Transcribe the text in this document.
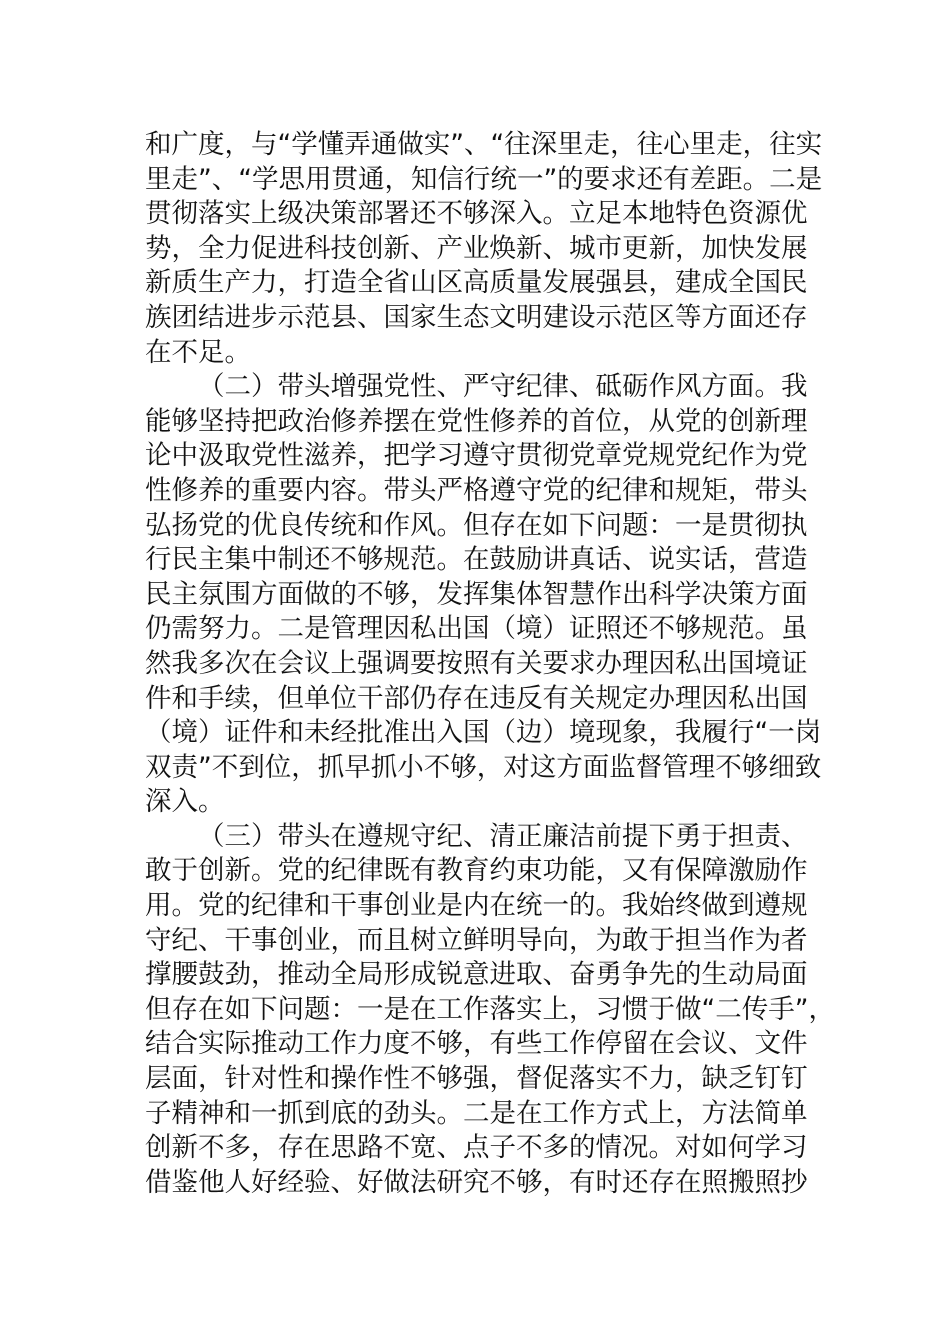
和广度，与“学懂弄通做实”、“往深里走，往心里走，往实
里走”、“学思用贯通，知信行统一”的要求还有差距。二是
贯彻落实上级决策部署还不够深入。立足本地特色资源优
势，全力促进科技创新、产业焕新、城市更新，加快发展
新质生产力，打造全省山区高质量发展强县，建成全国民
族团结进步示范县、国家生态文明建设示范区等方面还存
在不足。
（二）带头增强党性、严守纪律、砥砺作风方面。我
能够坚持把政治修养摆在党性修养的首位，从党的创新理
论中汲取党性滋养，把学习遵守贯彻党章党规党纪作为党
性修养的重要内容。带头严格遵守党的纪律和规矩，带头
弘扬党的优良传统和作风。但存在如下问题：一是贯彻执
行民主集中制还不够规范。在鼓励讲真话、说实话，营造
民主氛围方面做的不够，发挥集体智慧作出科学决策方面
仍需努力。二是管理因私出国（境）证照还不够规范。虽
然我多次在会议上强调要按照有关要求办理因私出国境证
件和手续，但单位干部仍存在违反有关规定办理因私出国
（境）证件和未经批准出入国（边）境现象，我履行“一岗
双责”不到位，抓早抓小不够，对这方面监督管理不够细致
深入。
（三）带头在遵规守纪、清正廉洁前提下勇于担责、
敢于创新。党的纪律既有教育约束功能，又有保障激励作
用。党的纪律和干事创业是内在统一的。我始终做到遵规
守纪、干事创业，而且树立鲜明导向，为敢于担当作为者
撑腰鼓劲，推动全局形成锐意进取、奋勇争先的生动局面
但存在如下问题：一是在工作落实上，习惯于做“二传手”，
结合实际推动工作力度不够，有些工作停留在会议、文件
层面，针对性和操作性不够强，督促落实不力，缺乏钉钉
子精神和一抓到底的劲头。二是在工作方式上，方法简单
创新不多，存在思路不宽、点子不多的情况。对如何学习
借鉴他人好经验、好做法研究不够，有时还存在照搬照抄
